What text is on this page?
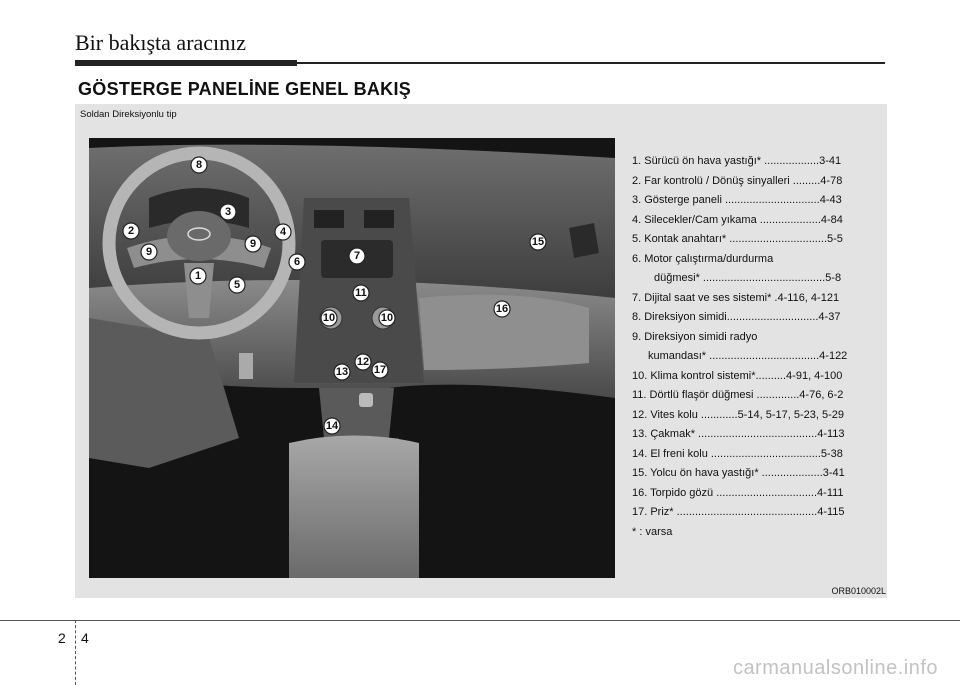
Bir bakışta aracınız
GÖSTERGE PANELİNE GENEL BAKIŞ
Soldan Direksiyonlu tip
1
2
3
4
5
6	7
8
9
9
10	10
11
12
13
14
15
16
17
1. Sürücü ön hava yastığı* ..................3-41
2. Far kontrolü / Dönüş sinyalleri .........4-78
3. Gösterge paneli ...............................4-43
4. Silecekler/Cam yıkama ....................4-84
5. Kontak anahtarı* ................................5-5
6. Motor çalıştırma/durdurma
düğmesi* ........................................5-8
7. Dijital saat ve ses sistemi* .4-116, 4-121
8. Direksiyon simidi..............................4-37
9. Direksiyon simidi radyo
kumandası* ....................................4-122
10. Klima kontrol sistemi*..........4-91, 4-100
11. Dörtlü flaşör düğmesi ..............4-76, 6-2
12. Vites kolu ............5-14, 5-17, 5-23, 5-29
13. Çakmak* .......................................4-113
14. El freni kolu ....................................5-38
15. Yolcu ön hava yastığı* ....................3-41
16. Torpido gözü .................................4-111
17. Priz* ..............................................4-115
* : varsa
ORB010002L
2 4
carmanualsonline.info
